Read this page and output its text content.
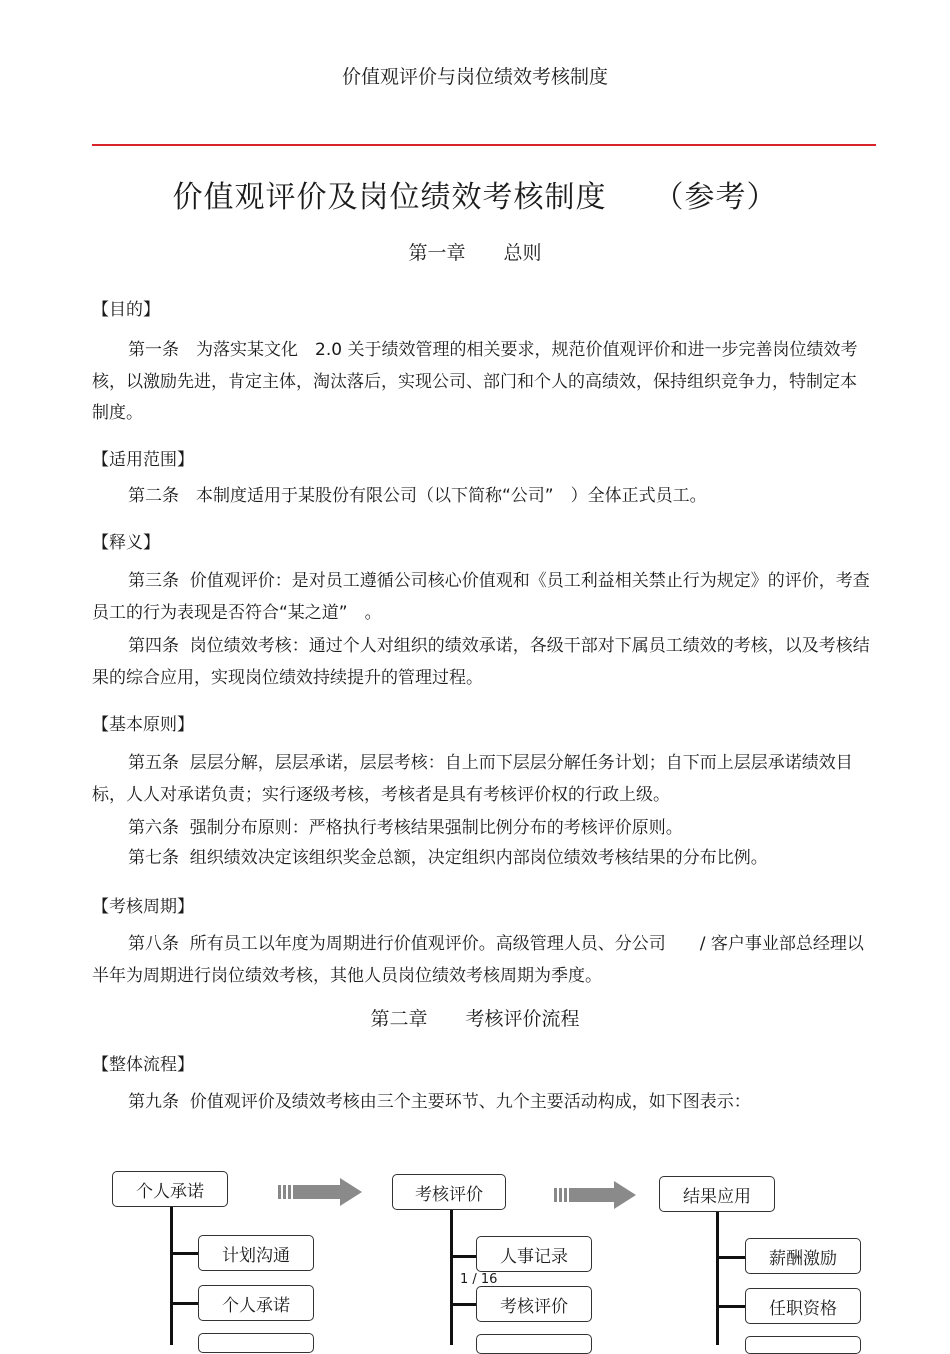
价值观评价与岗位绩效考核制度
价值观评价及岗位绩效考核制度　　（参考）
第一章　　总则
【目的】
第一条　为落实某文化　2.0 关于绩效管理的相关要求，规范价值观评价和进一步完善岗位绩效考核，以激励先进，肯定主体，淘汰落后，实现公司、部门和个人的高绩效，保持组织竞争力，特制定本制度。
【适用范围】
第二条　本制度适用于某股份有限公司（以下简称“公司”　）全体正式员工。
【释义】
第三条  价值观评价：是对员工遵循公司核心价值观和《员工利益相关禁止行为规定》的评价，考查员工的行为表现是否符合“某之道”　。
第四条  岗位绩效考核：通过个人对组织的绩效承诺，各级干部对下属员工绩效的考核，以及考核结果的综合应用，实现岗位绩效持续提升的管理过程。
【基本原则】
第五条  层层分解，层层承诺，层层考核：自上而下层层分解任务计划；自下而上层层承诺绩效目标，人人对承诺负责；实行逐级考核，考核者是具有考核评价权的行政上级。
第六条  强制分布原则：严格执行考核结果强制比例分布的考核评价原则。
第七条  组织绩效决定该组织奖金总额，决定组织内部岗位绩效考核结果的分布比例。
【考核周期】
第八条  所有员工以年度为周期进行价值观评价。高级管理人员、分公司　　/ 客户事业部总经理以半年为周期进行岗位绩效考核，其他人员岗位绩效考核周期为季度。
第二章　　考核评价流程
【整体流程】
第九条  价值观评价及绩效考核由三个主要环节、九个主要活动构成，如下图表示：
个人承诺
计划沟通
个人承诺
考核评价
人事记录
考核评价
结果应用
薪酬激励
任职资格
1 / 16
